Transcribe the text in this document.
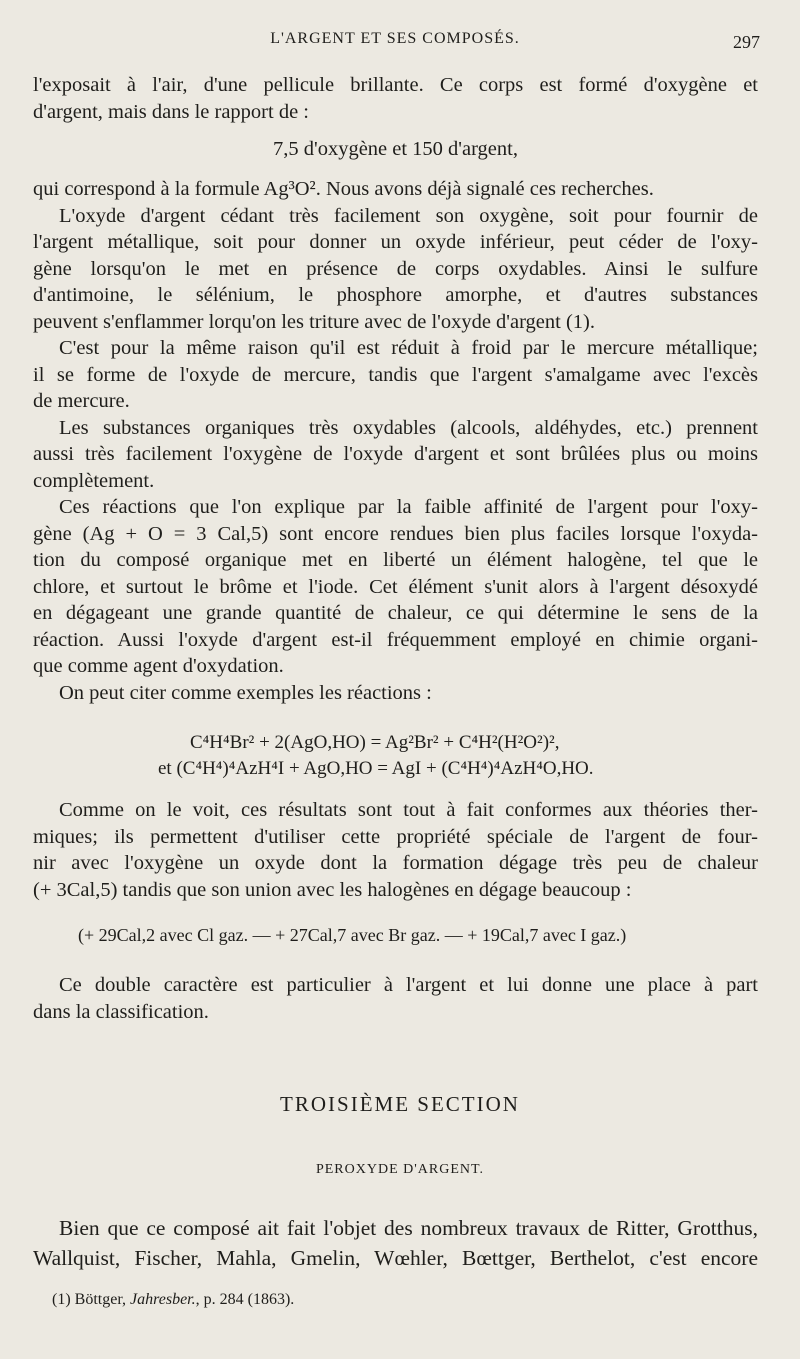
L'ARGENT ET SES COMPOSÉS.	297
l'exposait à l'air, d'une pellicule brillante. Ce corps est formé d'oxygène et
d'argent, mais dans le rapport de :
7,5 d'oxygène et 150 d'argent,
qui correspond à la formule Ag³O². Nous avons déjà signalé ces recherches.
L'oxyde d'argent cédant très facilement son oxygène, soit pour fournir de
l'argent métallique, soit pour donner un oxyde inférieur, peut céder de l'oxy-
gène lorsqu'on le met en présence de corps oxydables. Ainsi le sulfure
d'antimoine, le sélénium, le phosphore amorphe, et d'autres substances
peuvent s'enflammer lorqu'on les triture avec de l'oxyde d'argent (1).
C'est pour la même raison qu'il est réduit à froid par le mercure métallique;
il se forme de l'oxyde de mercure, tandis que l'argent s'amalgame avec l'excès
de mercure.
Les substances organiques très oxydables (alcools, aldéhydes, etc.) prennent
aussi très facilement l'oxygène de l'oxyde d'argent et sont brûlées plus ou moins
complètement.
Ces réactions que l'on explique par la faible affinité de l'argent pour l'oxy-
gène (Ag + O = 3 Cal,5) sont encore rendues bien plus faciles lorsque l'oxyda-
tion du composé organique met en liberté un élément halogène, tel que le
chlore, et surtout le brôme et l'iode. Cet élément s'unit alors à l'argent désoxydé
en dégageant une grande quantité de chaleur, ce qui détermine le sens de la
réaction. Aussi l'oxyde d'argent est-il fréquemment employé en chimie organi-
que comme agent d'oxydation.
On peut citer comme exemples les réactions :
C⁴H⁴Br² + 2(AgO,HO) = Ag²Br² + C⁴H²(H²O²)²,
et (C⁴H⁴)⁴AzH⁴I + AgO,HO = AgI + (C⁴H⁴)⁴AzH⁴O,HO.
Comme on le voit, ces résultats sont tout à fait conformes aux théories ther-
miques; ils permettent d'utiliser cette propriété spéciale de l'argent de four-
nir avec l'oxygène un oxyde dont la formation dégage très peu de chaleur
(+ 3Cal,5) tandis que son union avec les halogènes en dégage beaucoup :
(+ 29Cal,2 avec Cl gaz. — + 27Cal,7 avec Br gaz. — + 19Cal,7 avec I gaz.)
Ce double caractère est particulier à l'argent et lui donne une place à part
dans la classification.
TROISIÈME SECTION
PEROXYDE D'ARGENT.
Bien que ce composé ait fait l'objet des nombreux travaux de Ritter, Grotthus,
Wallquist, Fischer, Mahla, Gmelin, Wœhler, Bœttger, Berthelot, c'est encore
(1) Böttger, Jahresber., p. 284 (1863).
